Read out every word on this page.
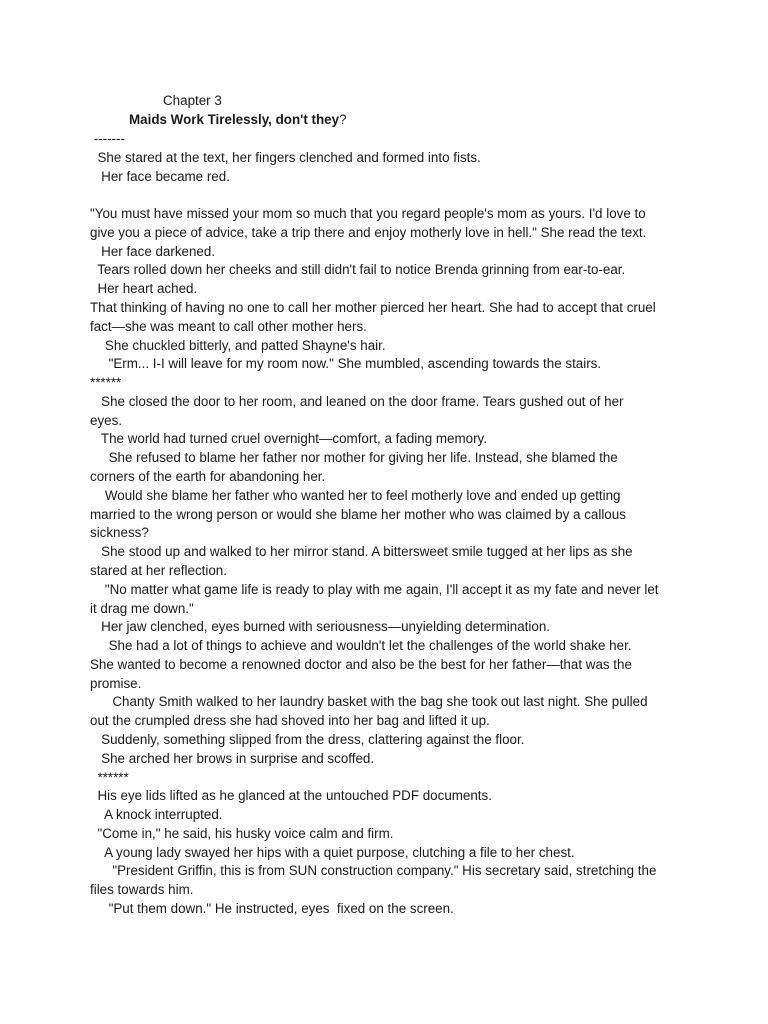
Chapter 3
Maids Work Tirelessly, don't they?
-------
She stared at the text, her fingers clenched and formed into fists.
Her face became red.
"You must have missed your mom so much that you regard people's mom as yours. I'd love to
give you a piece of advice, take a trip there and enjoy motherly love in hell." She read the text.
Her face darkened.
Tears rolled down her cheeks and still didn't fail to notice Brenda grinning from ear-to-ear.
Her heart ached.
That thinking of having no one to call her mother pierced her heart. She had to accept that cruel
fact—she was meant to call other mother hers.
She chuckled bitterly, and patted Shayne's hair.
"Erm... I-I will leave for my room now." She mumbled, ascending towards the stairs.
******
She closed the door to her room, and leaned on the door frame. Tears gushed out of her
eyes.
The world had turned cruel overnight—comfort, a fading memory.
She refused to blame her father nor mother for giving her life. Instead, she blamed the
corners of the earth for abandoning her.
Would she blame her father who wanted her to feel motherly love and ended up getting
married to the wrong person or would she blame her mother who was claimed by a callous
sickness?
She stood up and walked to her mirror stand. A bittersweet smile tugged at her lips as she
stared at her reflection.
"No matter what game life is ready to play with me again, I'll accept it as my fate and never let
it drag me down."
Her jaw clenched, eyes burned with seriousness—unyielding determination.
She had a lot of things to achieve and wouldn't let the challenges of the world shake her.
She wanted to become a renowned doctor and also be the best for her father—that was the
promise.
Chanty Smith walked to her laundry basket with the bag she took out last night. She pulled
out the crumpled dress she had shoved into her bag and lifted it up.
Suddenly, something slipped from the dress, clattering against the floor.
She arched her brows in surprise and scoffed.
******
His eye lids lifted as he glanced at the untouched PDF documents.
A knock interrupted.
"Come in," he said, his husky voice calm and firm.
A young lady swayed her hips with a quiet purpose, clutching a file to her chest.
"President Griffin, this is from SUN construction company." His secretary said, stretching the
files towards him.
"Put them down." He instructed, eyes  fixed on the screen.
